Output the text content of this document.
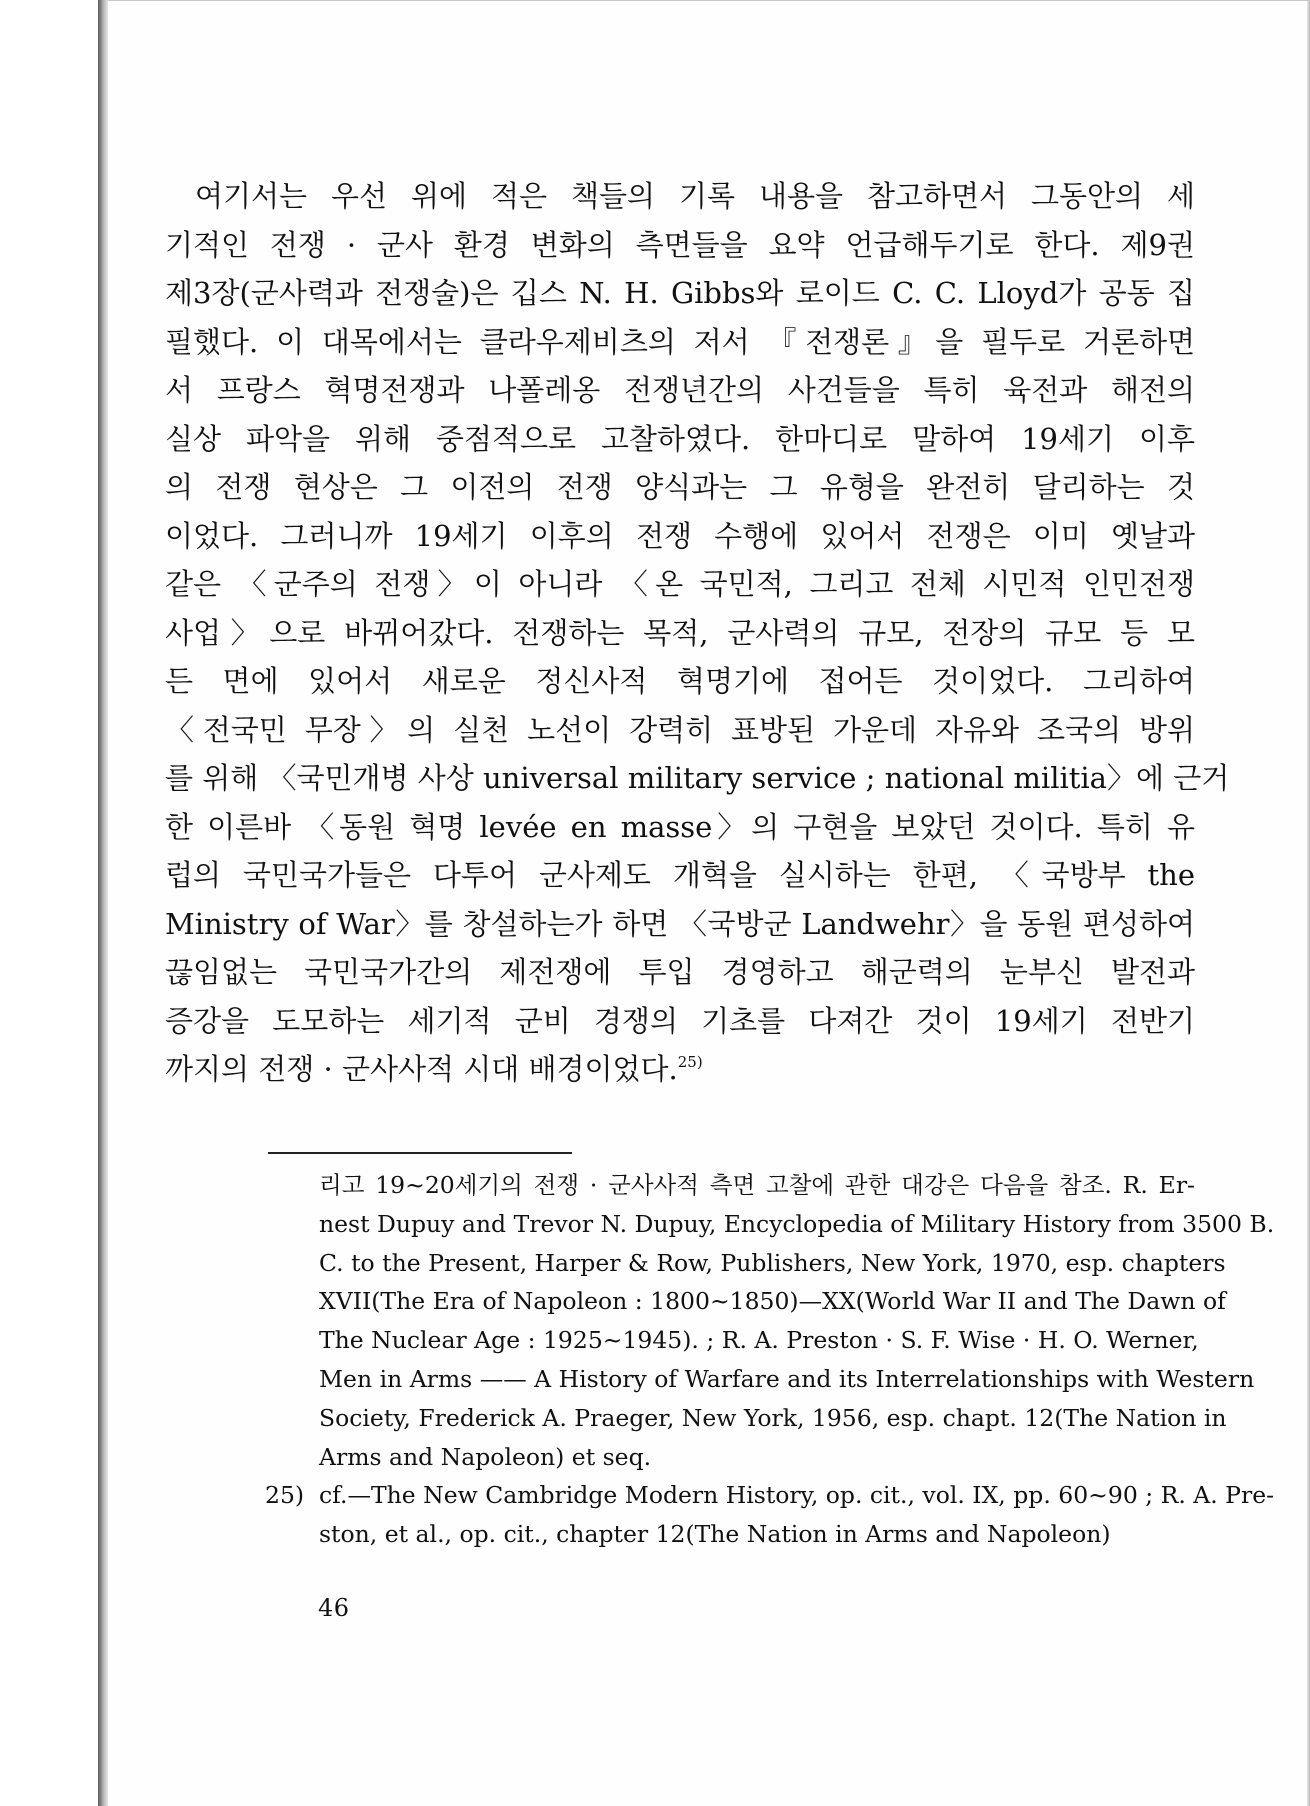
여기서는 우선 위에 적은 책들의 기록 내용을 참고하면서 그동안의 세
기적인 전쟁 · 군사 환경 변화의 측면들을 요약 언급해두기로 한다. 제9권
제3장(군사력과 전쟁술)은 깁스 N. H. Gibbs와 로이드 C. C. Lloyd가 공동 집
필했다. 이 대목에서는 클라우제비츠의 저서 『전쟁론』을 필두로 거론하면
서 프랑스 혁명전쟁과 나폴레옹 전쟁년간의 사건들을 특히 육전과 해전의
실상 파악을 위해 중점적으로 고찰하였다. 한마디로 말하여 19세기 이후
의 전쟁 현상은 그 이전의 전쟁 양식과는 그 유형을 완전히 달리하는 것
이었다. 그러니까 19세기 이후의 전쟁 수행에 있어서 전쟁은 이미 옛날과
같은 〈군주의 전쟁〉이 아니라 〈온 국민적, 그리고 전체 시민적 인민전쟁
사업〉으로 바뀌어갔다. 전쟁하는 목적, 군사력의 규모, 전장의 규모 등 모
든 면에 있어서 새로운 정신사적 혁명기에 접어든 것이었다. 그리하여
〈전국민 무장〉의 실천 노선이 강력히 표방된 가운데 자유와 조국의 방위
를 위해 〈국민개병 사상 universal military service ; national militia〉에 근거
한 이른바 〈동원 혁명 levée en masse〉의 구현을 보았던 것이다. 특히 유
럽의 국민국가들은 다투어 군사제도 개혁을 실시하는 한편, 〈국방부 the
Ministry of War〉를 창설하는가 하면 〈국방군 Landwehr〉을 동원 편성하여
끊임없는 국민국가간의 제전쟁에 투입 경영하고 해군력의 눈부신 발전과
증강을 도모하는 세기적 군비 경쟁의 기초를 다져간 것이 19세기 전반기
까지의 전쟁 · 군사사적 시대 배경이었다.$^{25)}$
리고 19~20세기의 전쟁 · 군사사적 측면 고찰에 관한 대강은 다음을 참조. R. Er-
nest Dupuy and Trevor N. Dupuy, Encyclopedia of Military History from 3500 B.
C. to the Present, Harper & Row, Publishers, New York, 1970, esp. chapters
XVII(The Era of Napoleon : 1800~1850)—XX(World War II and The Dawn of
The Nuclear Age : 1925~1945). ; R. A. Preston · S. F. Wise · H. O. Werner,
Men in Arms —— A History of Warfare and its Interrelationships with Western
Society, Frederick A. Praeger, New York, 1956, esp. chapt. 12(The Nation in
Arms and Napoleon) et seq.
25) cf.—The New Cambridge Modern History, op. cit., vol. IX, pp. 60~90 ; R. A. Pre-
ston, et al., op. cit., chapter 12(The Nation in Arms and Napoleon)
46
